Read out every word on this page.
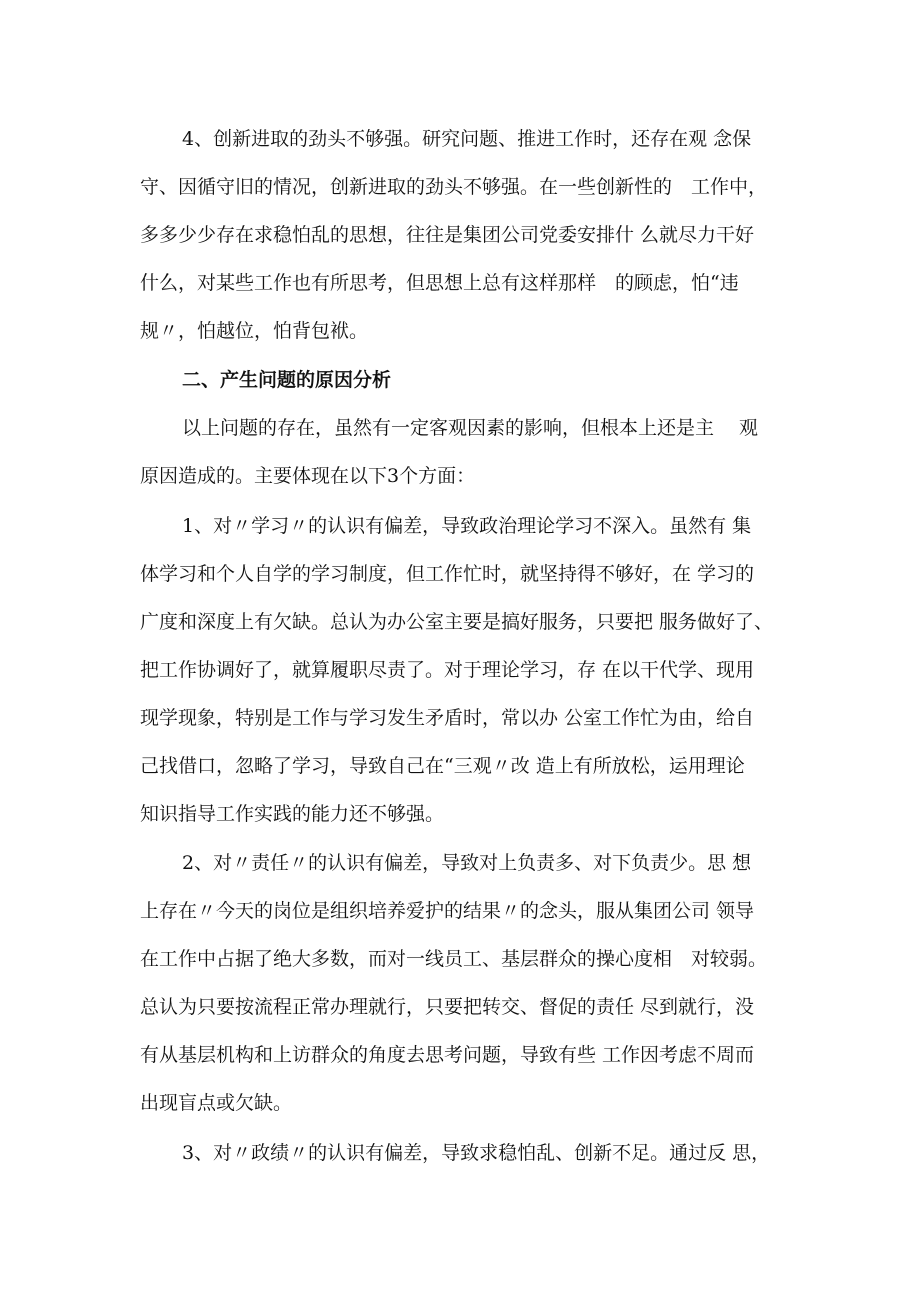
4、创新进取的劲头不够强。研究问题、推进工作时，还存在观 念保
守、因循守旧的情况，创新进取的劲头不够强。在一些创新性的　工作中，
多多少少存在求稳怕乱的思想，往往是集团公司党委安排什 么就尽力干好
什么，对某些工作也有所思考，但思想上总有这样那样　的顾虑，怕“违
规〃，怕越位，怕背包袱。
二、产生问题的原因分析
以上问题的存在，虽然有一定客观因素的影响，但根本上还是主　 观
原因造成的。主要体现在以下3个方面：
1、对〃学习〃的认识有偏差，导致政治理论学习不深入。虽然有 集
体学习和个人自学的学习制度，但工作忙时，就坚持得不够好，在 学习的
广度和深度上有欠缺。总认为办公室主要是搞好服务，只要把 服务做好了、
把工作协调好了，就算履职尽责了。对于理论学习，存 在以干代学、现用
现学现象，特别是工作与学习发生矛盾时，常以办 公室工作忙为由，给自
己找借口，忽略了学习，导致自己在“三观〃改 造上有所放松，运用理论
知识指导工作实践的能力还不够强。
2、对〃责任〃的认识有偏差，导致对上负责多、对下负责少。思 想
上存在〃今天的岗位是组织培养爱护的结果〃的念头，服从集团公司 领导
在工作中占据了绝大多数，而对一线员工、基层群众的操心度相　对较弱。
总认为只要按流程正常办理就行，只要把转交、督促的责任 尽到就行，没
有从基层机构和上访群众的角度去思考问题，导致有些 工作因考虑不周而
出现盲点或欠缺。
3、对〃政绩〃的认识有偏差，导致求稳怕乱、创新不足。通过反 思，
